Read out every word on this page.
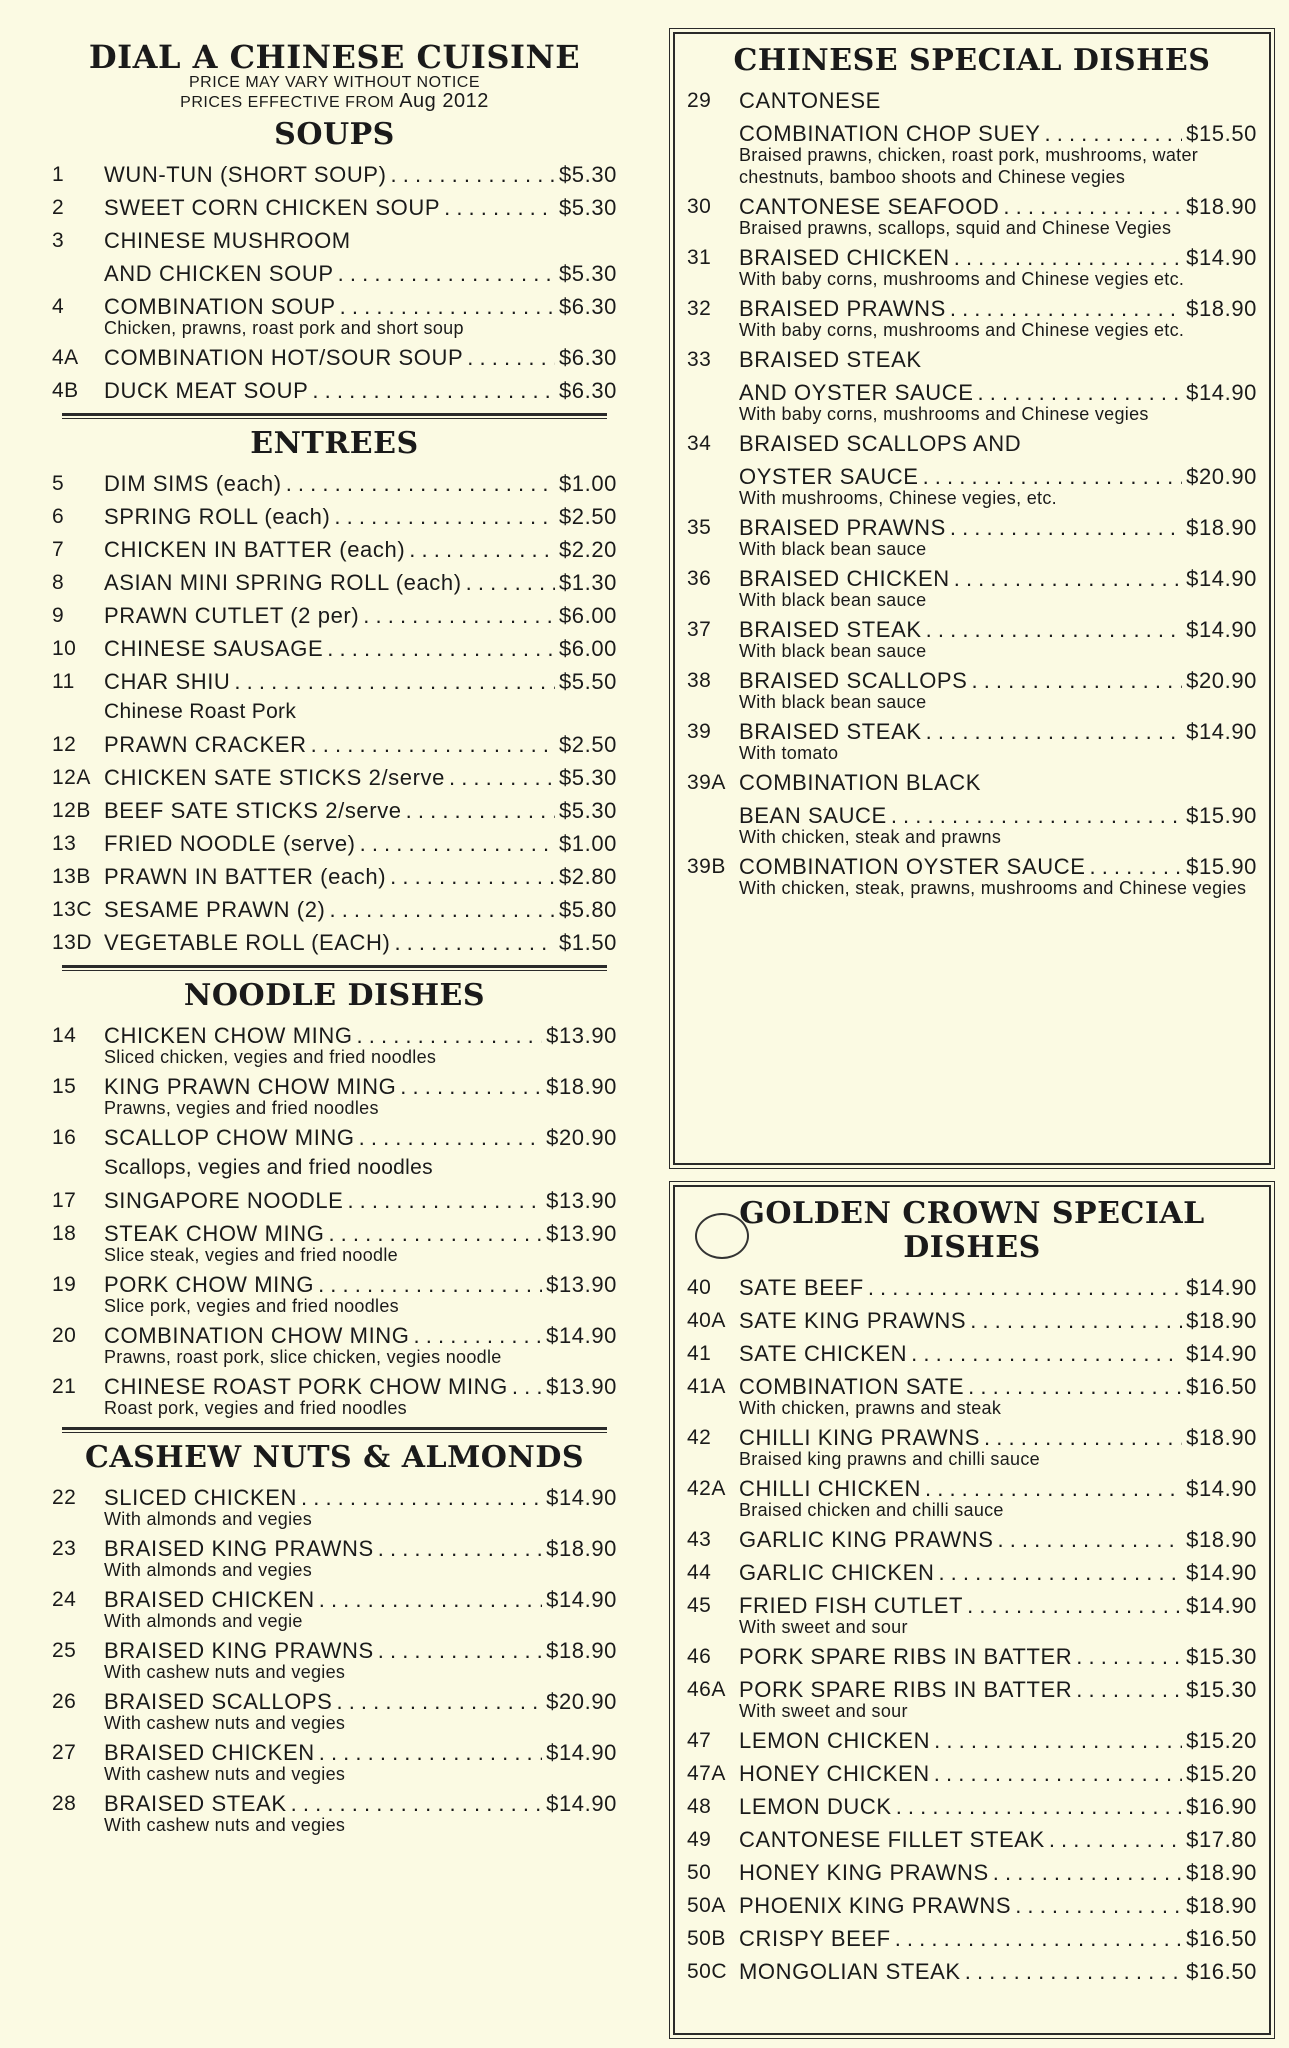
DIAL A CHINESE CUISINE
PRICE MAY VARY WITHOUT NOTICE
PRICES EFFECTIVE FROM Aug 2012
SOUPS
1	WUN-TUN (SHORT SOUP) . . .	$5.30
2	SWEET CORN CHICKEN SOUP . . .	$5.30
3	CHINESE MUSHROOM
AND CHICKEN SOUP . . .	$5.30
4	COMBINATION SOUP . . .	$6.30
Chicken, prawns, roast pork and short soup
4A	COMBINATION HOT/SOUR SOUP . . .	$6.30
4B	DUCK MEAT SOUP . . .	$6.30
ENTREES
5	DIM SIMS (each) . . .	$1.00
6	SPRING ROLL (each) . . .	$2.50
7	CHICKEN IN BATTER (each) . . .	$2.20
8	ASIAN MINI SPRING ROLL (each) . . .	$1.30
9	PRAWN CUTLET (2 per) . . .	$6.00
10	CHINESE SAUSAGE . . .	$6.00
11	CHAR SHIU . . .	$5.50
Chinese Roast Pork
12	PRAWN CRACKER . . .	$2.50
12A CHICKEN SATE STICKS 2/serve . . .	$5.30
12B BEEF SATE STICKS 2/serve . . .	$5.30
13	FRIED NOODLE (serve) . . .	$1.00
13B PRAWN IN BATTER (each) . . .	$2.80
13C SESAME PRAWN (2) . . .	$5.80
13D VEGETABLE ROLL (EACH) . . .	$1.50
NOODLE DISHES
14	CHICKEN CHOW MING . . .	$13.90
Sliced chicken, vegies and fried noodles
15	KING PRAWN CHOW MING . . .	$18.90
Prawns, vegies and fried noodles
16	SCALLOP CHOW MING . . .	$20.90
Scallops, vegies and fried noodles
17	SINGAPORE NOODLE . . .	$13.90
18	STEAK CHOW MING . . .	$13.90
Slice steak, vegies and fried noodle
19	PORK CHOW MING . . .	$13.90
Slice pork, vegies and fried noodles
20	COMBINATION CHOW MING . . .	$14.90
Prawns, roast pork, slice chicken, vegies noodle
21	CHINESE ROAST PORK CHOW MING . . . $13.90
Roast pork, vegies and fried noodles
CASHEW NUTS & ALMONDS
22	SLICED CHICKEN . . .	$14.90
With almonds and vegies
23	BRAISED KING PRAWNS . . .	$18.90
With almonds and vegies
24	BRAISED CHICKEN . . .	$14.90
With almonds and vegie
25	BRAISED KING PRAWNS . . .	$18.90
With cashew nuts and vegies
26	BRAISED SCALLOPS . . .	$20.90
With cashew nuts and vegies
27	BRAISED CHICKEN . . .	$14.90
With cashew nuts and vegies
28	BRAISED STEAK . . .	$14.90
With cashew nuts and vegies
CHINESE SPECIAL DISHES
29	CANTONESE
COMBINATION CHOP SUEY . . .	$15.50
Braised prawns, chicken, roast pork, mushrooms, water chestnuts, bamboo shoots and Chinese vegies
30	CANTONESE SEAFOOD . . .	$18.90
Braised prawns, scallops, squid and Chinese Vegies
31	BRAISED CHICKEN . . .	$14.90
With baby corns, mushrooms and Chinese vegies etc.
32	BRAISED PRAWNS . . .	$18.90
With baby corns, mushrooms and Chinese vegies etc.
33	BRAISED STEAK
AND OYSTER SAUCE . . .	$14.90
With baby corns, mushrooms and Chinese vegies
34	BRAISED SCALLOPS AND
OYSTER SAUCE . . .	$20.90
With mushrooms, Chinese vegies, etc.
35	BRAISED PRAWNS . . .	$18.90
With black bean sauce
36	BRAISED CHICKEN . . .	$14.90
With black bean sauce
37	BRAISED STEAK . . .	$14.90
With black bean sauce
38	BRAISED SCALLOPS . . .	$20.90
With black bean sauce
39	BRAISED STEAK . . .	$14.90
With tomato
39A COMBINATION BLACK
BEAN SAUCE . . .	$15.90
With chicken, steak and prawns
39B COMBINATION OYSTER SAUCE . . .	$15.90
With chicken, steak, prawns, mushrooms and Chinese vegies
GOLDEN CROWN SPECIAL DISHES
40	SATE BEEF . . .	$14.90
40A SATE KING PRAWNS . . .	$18.90
41	SATE CHICKEN . . .	$14.90
41A COMBINATION SATE . . .	$16.50
With chicken, prawns and steak
42	CHILLI KING PRAWNS . . .	$18.90
Braised king prawns and chilli sauce
42A CHILLI CHICKEN . . .	$14.90
Braised chicken and chilli sauce
43	GARLIC KING PRAWNS . . .	$18.90
44	GARLIC CHICKEN . . .	$14.90
45	FRIED FISH CUTLET . . .	$14.90
With sweet and sour
46	PORK SPARE RIBS IN BATTER . . .	$15.30
46A PORK SPARE RIBS IN BATTER . . .	$15.30
With sweet and sour
47	LEMON CHICKEN . . .	$15.20
47A HONEY CHICKEN . . .	$15.20
48	LEMON DUCK . . .	$16.90
49	CANTONESE FILLET STEAK . . .	$17.80
50	HONEY KING PRAWNS . . .	$18.90
50A PHOENIX KING PRAWNS . . .	$18.90
50B CRISPY BEEF . . .	$16.50
50C MONGOLIAN STEAK . . .	$16.50
